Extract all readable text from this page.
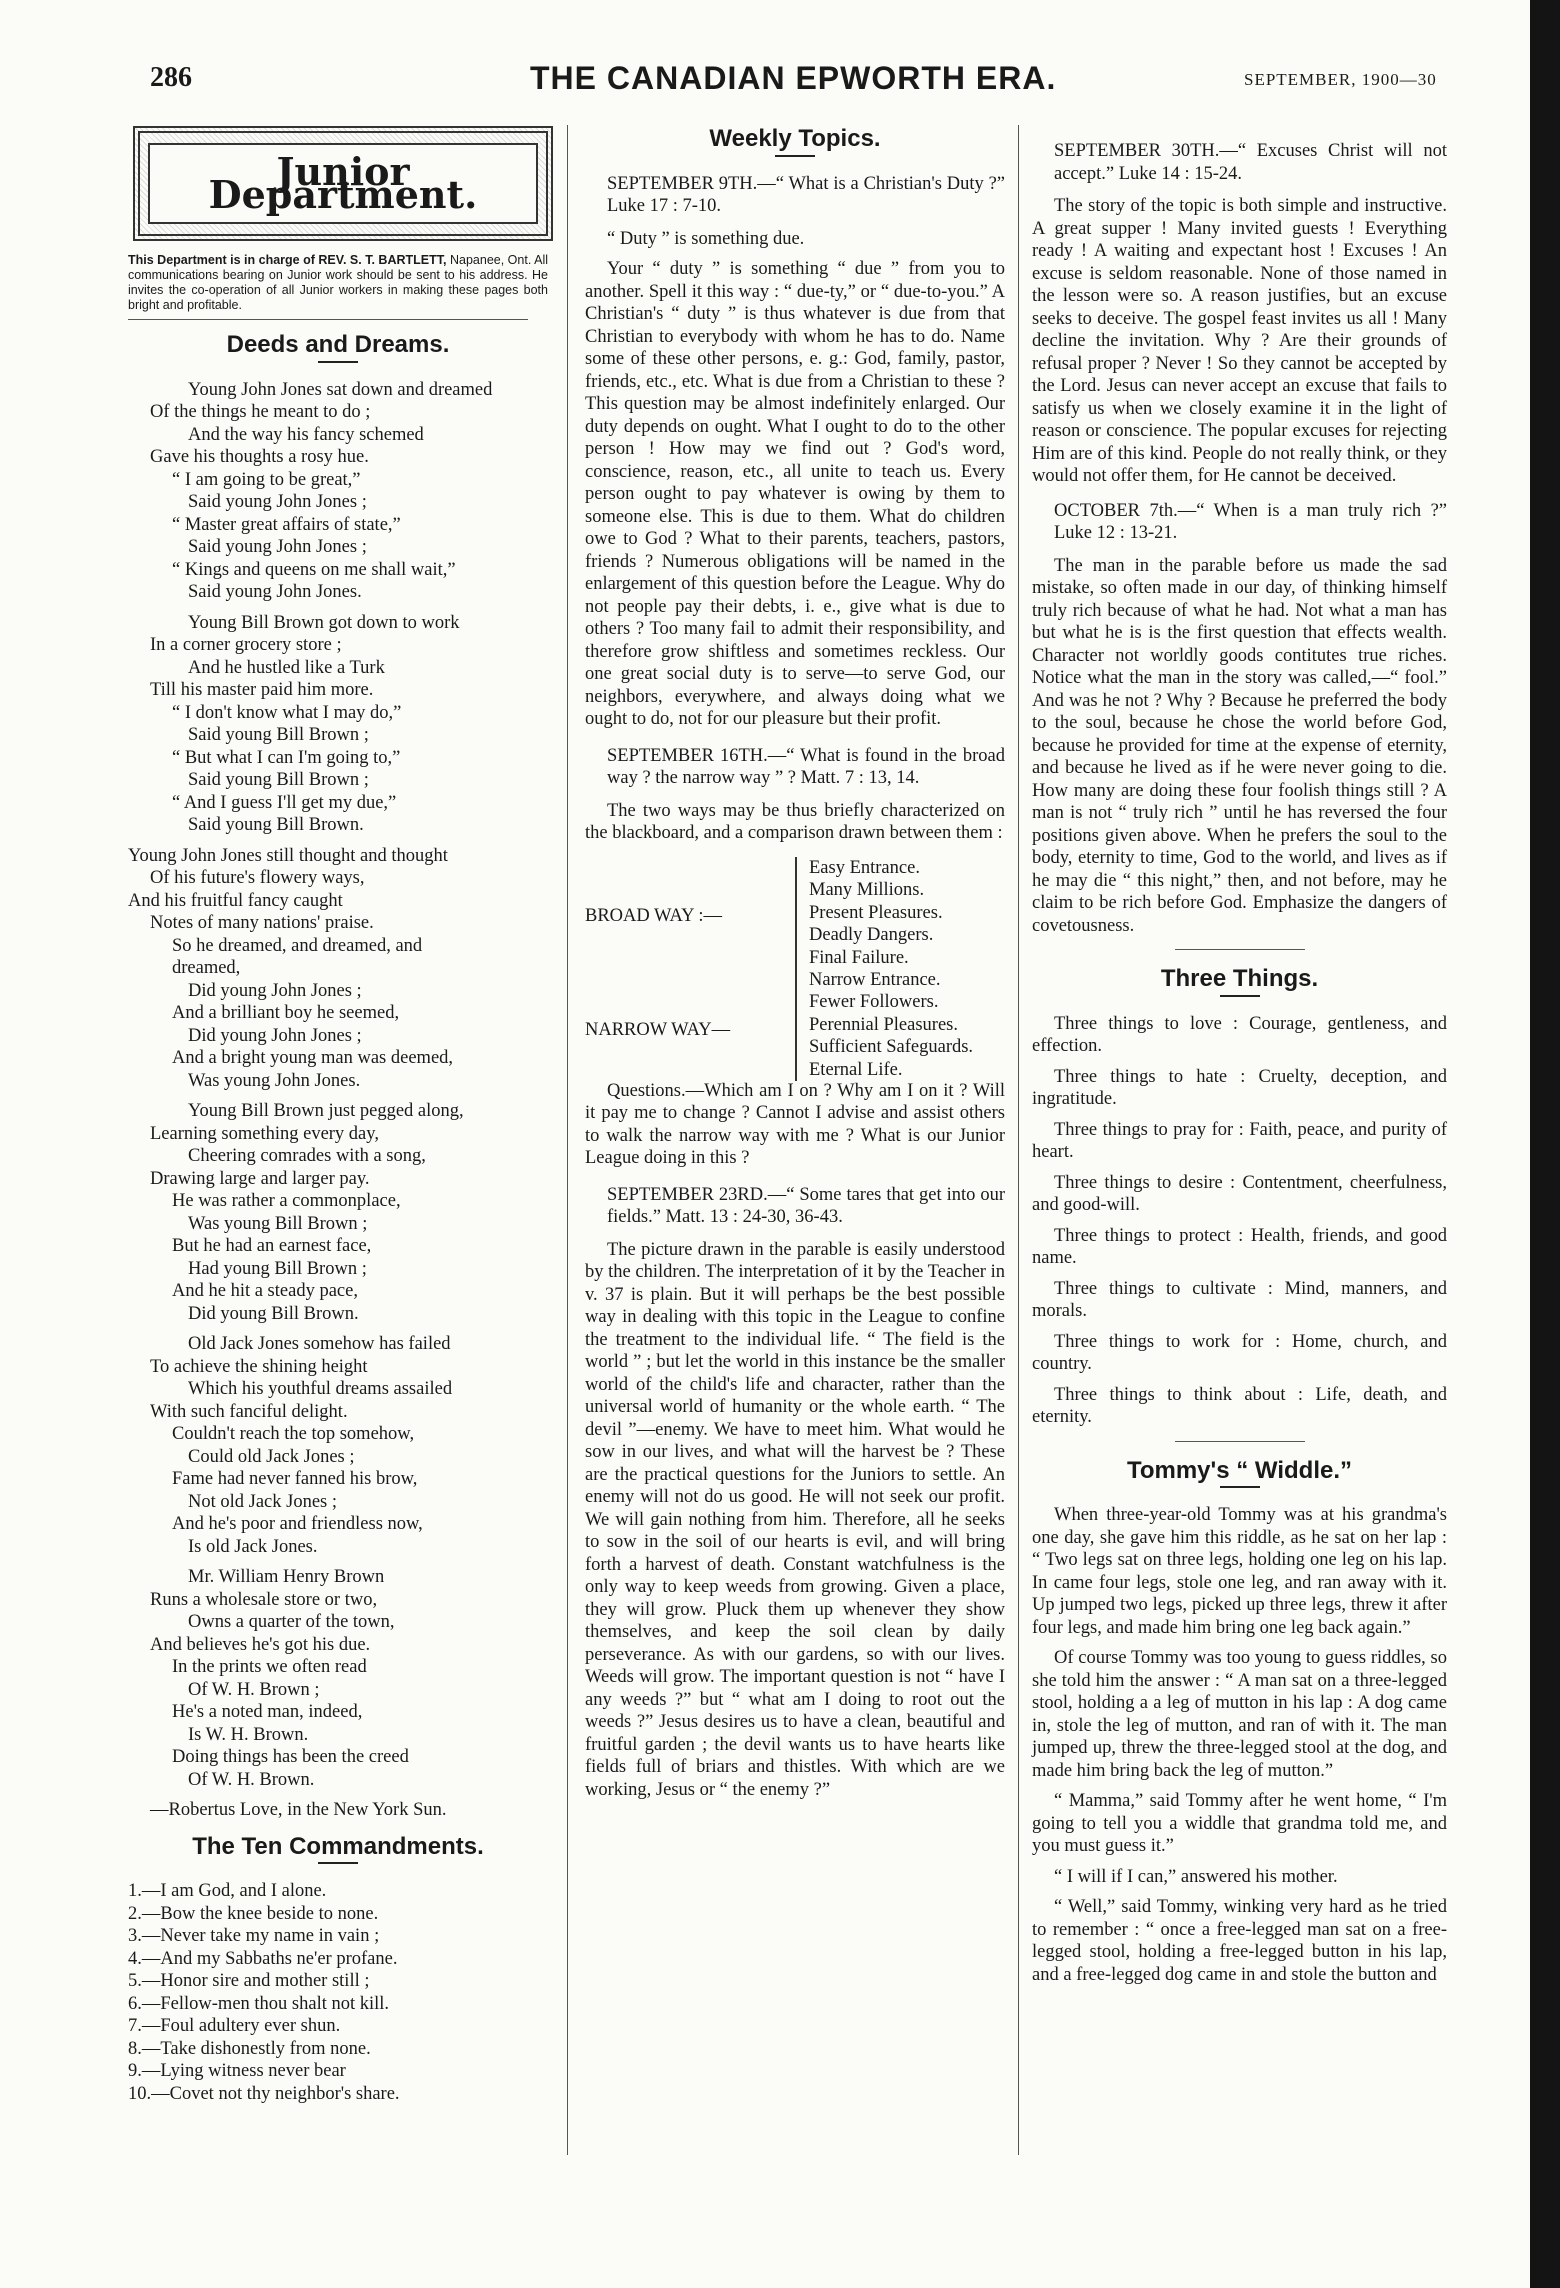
286	THE CANADIAN EPWORTH ERA.	SEPTEMBER, 1900—30
Junior Department.
This Department is in charge of REV. S. T. BARTLETT, Napanee, Ont. All communications bearing on Junior work should be sent to his address. He invites the co-operation of all Junior workers in making these pages both bright and profitable.
Deeds and Dreams.
Young John Jones sat down and dreamed
Of the things he meant to do ;
And the way his fancy schemed
Gave his thoughts a rosy hue.
“ I am going to be great,”
Said young John Jones ;
“ Master great affairs of state,”
Said young John Jones ;
“ Kings and queens on me shall wait,”
Said young John Jones.
Young Bill Brown got down to work
In a corner grocery store ;
And he hustled like a Turk
Till his master paid him more.
“ I don't know what I may do,”
Said young Bill Brown ;
“ But what I can I'm going to,”
Said young Bill Brown ;
“ And I guess I'll get my due,”
Said young Bill Brown.
Young John Jones still thought and thought
Of his future's flowery ways,
And his fruitful fancy caught
Notes of many nations' praise.
So he dreamed, and dreamed, and
dreamed,
Did young John Jones ;
And a brilliant boy he seemed,
Did young John Jones ;
And a bright young man was deemed,
Was young John Jones.
Young Bill Brown just pegged along,
Learning something every day,
Cheering comrades with a song,
Drawing large and larger pay.
He was rather a commonplace,
Was young Bill Brown ;
But he had an earnest face,
Had young Bill Brown ;
And he hit a steady pace,
Did young Bill Brown.
Old Jack Jones somehow has failed
To achieve the shining height
Which his youthful dreams assailed
With such fanciful delight.
Couldn't reach the top somehow,
Could old Jack Jones ;
Fame had never fanned his brow,
Not old Jack Jones ;
And he's poor and friendless now,
Is old Jack Jones.
Mr. William Henry Brown
Runs a wholesale store or two,
Owns a quarter of the town,
And believes he's got his due.
In the prints we often read
Of W. H. Brown ;
He's a noted man, indeed,
Is W. H. Brown.
Doing things has been the creed
Of W. H. Brown.
—Robertus Love, in the New York Sun.
The Ten Commandments.
1.—I am God, and I alone.
2.—Bow the knee beside to none.
3.—Never take my name in vain ;
4.—And my Sabbaths ne'er profane.
5.—Honor sire and mother still ;
6.—Fellow-men thou shalt not kill.
7.—Foul adultery ever shun.
8.—Take dishonestly from none.
9.—Lying witness never bear
10.—Covet not thy neighbor's share.
Weekly Topics.

SEPTEMBER 9TH.—“ What is a Christian's Duty ?” Luke 17 : 7-10.

“ Duty ” is something due.

Your “ duty ” is something “ due ” from you to another. Spell it this way : “ due-ty,” or “ due-to-you.” A Christian's “ duty ” is thus whatever is due from that Christian to everybody with whom he has to do. Name some of these other persons, e. g.: God, family, pastor, friends, etc., etc. What is due from a Christian to these ? This question may be almost indefinitely enlarged. Our duty depends on ought. What I ought to do to the other person ! How may we find out ? God's word, conscience, reason, etc., all unite to teach us. Every person ought to pay whatever is owing by them to someone else. This is due to them. What do children owe to God ? What to their parents, teachers, pastors, friends ? Numerous obligations will be named in the enlargement of this question before the League. Why do not people pay their debts, i. e., give what is due to others ? Too many fail to admit their responsibility, and therefore grow shiftless and sometimes reckless. Our one great social duty is to serve—to serve God, our neighbors, everywhere, and always doing what we ought to do, not for our pleasure but their profit.

SEPTEMBER 16TH.—“ What is found in the broad way ? the narrow way ” ? Matt. 7 : 13, 14.

The two ways may be thus briefly characterized on the blackboard, and a comparison drawn between them :

BROAD WAY :—
Easy Entrance.
Many Millions.
Present Pleasures.
Deadly Dangers.
Final Failure.
NARROW WAY—
Narrow Entrance.
Fewer Followers.
Perennial Pleasures.
Sufficient Safeguards.
Eternal Life.

Questions.—Which am I on ? Why am I on it ? Will it pay me to change ? Cannot I advise and assist others to walk the narrow way with me ? What is our Junior League doing in this ?

SEPTEMBER 23RD.—“ Some tares that get into our fields.” Matt. 13 : 24-30, 36-43.

The picture drawn in the parable is easily understood by the children. The interpretation of it by the Teacher in v. 37 is plain. But it will perhaps be the best possible way in dealing with this topic in the League to confine the treatment to the individual life. “ The field is the world ” ; but let the world in this instance be the smaller world of the child's life and character, rather than the universal world of humanity or the whole earth. “ The devil ”—enemy. We have to meet him. What would he sow in our lives, and what will the harvest be ? These are the practical questions for the Juniors to settle. An enemy will not do us good. He will not seek our profit. We will gain nothing from him. Therefore, all he seeks to sow in the soil of our hearts is evil, and will bring forth a harvest of death. Constant watchfulness is the only way to keep weeds from growing. Given a place, they will grow. Pluck them up whenever they show themselves, and keep the soil clean by daily perseverance. As with our gardens, so with our lives. Weeds will grow. The important question is not “ have I any weeds ?” but “ what am I doing to root out the weeds ?” Jesus desires us to have a clean, beautiful and fruitful garden ; the devil wants us to have hearts like fields full of briars and thistles. With which are we working, Jesus or “ the enemy ?”

SEPTEMBER 30TH.—“ Excuses Christ will not accept.” Luke 14 : 15-24.

The story of the topic is both simple and instructive. A great supper ! Many invited guests ! Everything ready ! A waiting and expectant host ! Excuses ! An excuse is seldom reasonable. None of those named in the lesson were so. A reason justifies, but an excuse seeks to deceive. The gospel feast invites us all ! Many decline the invitation. Why ? Are their grounds of refusal proper ? Never ! So they cannot be accepted by the Lord. Jesus can never accept an excuse that fails to satisfy us when we closely examine it in the light of reason or conscience. The popular excuses for rejecting Him are of this kind. People do not really think, or they would not offer them, for He cannot be deceived.

OCTOBER 7th.—“ When is a man truly rich ?” Luke 12 : 13-21.

The man in the parable before us made the sad mistake, so often made in our day, of thinking himself truly rich because of what he had. Not what a man has but what he is is the first question that effects wealth. Character not worldly goods contitutes true riches. Notice what the man in the story was called,—“ fool.” And was he not ? Why ? Because he preferred the body to the soul, because he chose the world before God, because he provided for time at the expense of eternity, and because he lived as if he were never going to die. How many are doing these four foolish things still ? A man is not “ truly rich ” until he has reversed the four positions given above. When he prefers the soul to the body, eternity to time, God to the world, and lives as if he may die “ this night,” then, and not before, may he claim to be rich before God. Emphasize the dangers of covetousness.

Three Things.

Three things to love : Courage, gentleness, and effection.

Three things to hate : Cruelty, deception, and ingratitude.

Three things to pray for : Faith, peace, and purity of heart.

Three things to desire : Contentment, cheerfulness, and good-will.

Three things to protect : Health, friends, and good name.

Three things to cultivate : Mind, manners, and morals.

Three things to work for : Home, church, and country.

Three things to think about : Life, death, and eternity.

Tommy's “ Widdle.”

When three-year-old Tommy was at his grandma's one day, she gave him this riddle, as he sat on her lap : “ Two legs sat on three legs, holding one leg on his lap. In came four legs, stole one leg, and ran away with it. Up jumped two legs, picked up three legs, threw it after four legs, and made him bring one leg back again.”

Of course Tommy was too young to guess riddles, so she told him the answer : “ A man sat on a three-legged stool, holding a a leg of mutton in his lap : A dog came in, stole the leg of mutton, and ran of with it. The man jumped up, threw the three-legged stool at the dog, and made him bring back the leg of mutton.”

“ Mamma,” said Tommy after he went home, “ I'm going to tell you a widdle that grandma told me, and you must guess it.”

“ I will if I can,” answered his mother.

“ Well,” said Tommy, winking very hard as he tried to remember : “ once a free-legged man sat on a free-legged stool, holding a free-legged button in his lap, and a free-legged dog came in and stole the button and
